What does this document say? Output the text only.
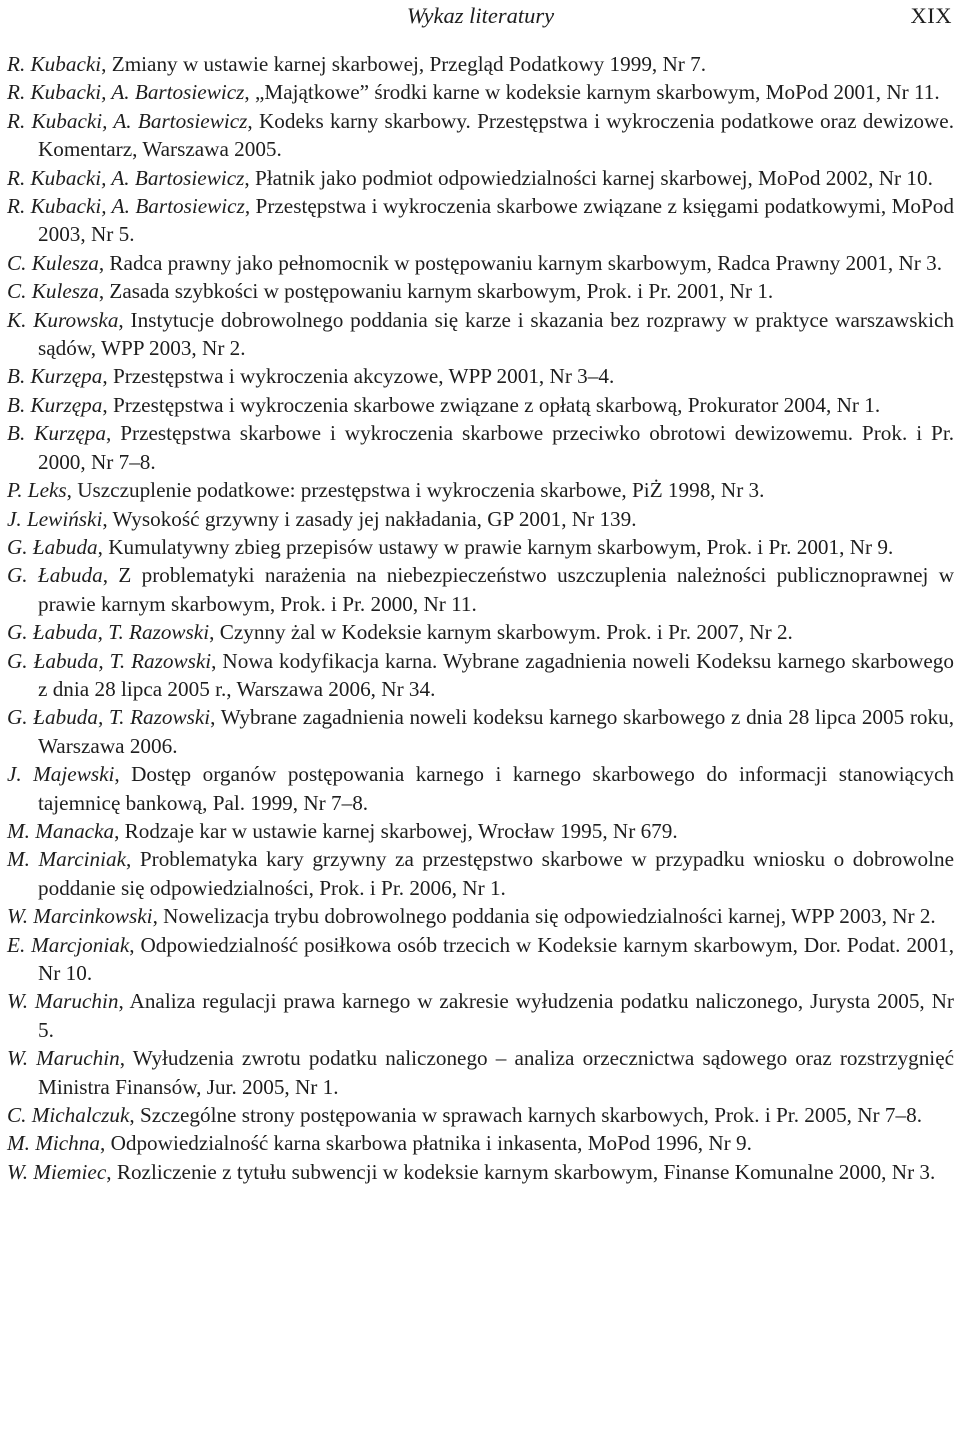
Wykaz literatury	XIX
R. Kubacki, Zmiany w ustawie karnej skarbowej, Przegląd Podatkowy 1999, Nr 7.
R. Kubacki, A. Bartosiewicz, „Majątkowe” środki karne w kodeksie karnym skarbowym, MoPod 2001, Nr 11.
R. Kubacki, A. Bartosiewicz, Kodeks karny skarbowy. Przestępstwa i wykroczenia podatkowe oraz dewizowe. Komentarz, Warszawa 2005.
R. Kubacki, A. Bartosiewicz, Płatnik jako podmiot odpowiedzialności karnej skarbowej, MoPod 2002, Nr 10.
R. Kubacki, A. Bartosiewicz, Przestępstwa i wykroczenia skarbowe związane z księgami podatkowymi, MoPod 2003, Nr 5.
C. Kulesza, Radca prawny jako pełnomocnik w postępowaniu karnym skarbowym, Radca Prawny 2001, Nr 3.
C. Kulesza, Zasada szybkości w postępowaniu karnym skarbowym, Prok. i Pr. 2001, Nr 1.
K. Kurowska, Instytucje dobrowolnego poddania się karze i skazania bez rozprawy w praktyce warszawskich sądów, WPP 2003, Nr 2.
B. Kurzępa, Przestępstwa i wykroczenia akcyzowe, WPP 2001, Nr 3–4.
B. Kurzępa, Przestępstwa i wykroczenia skarbowe związane z opłatą skarbową, Prokurator 2004, Nr 1.
B. Kurzępa, Przestępstwa skarbowe i wykroczenia skarbowe przeciwko obrotowi dewizowemu. Prok. i Pr. 2000, Nr 7–8.
P. Leks, Uszczuplenie podatkowe: przestępstwa i wykroczenia skarbowe, PiŻ 1998, Nr 3.
J. Lewiński, Wysokość grzywny i zasady jej nakładania, GP 2001, Nr 139.
G. Łabuda, Kumulatywny zbieg przepisów ustawy w prawie karnym skarbowym, Prok. i Pr. 2001, Nr 9.
G. Łabuda, Z problematyki narażenia na niebezpieczeństwo uszczuplenia należności publicznoprawnej w prawie karnym skarbowym, Prok. i Pr. 2000, Nr 11.
G. Łabuda, T. Razowski, Czynny żal w Kodeksie karnym skarbowym. Prok. i Pr. 2007, Nr 2.
G. Łabuda, T. Razowski, Nowa kodyfikacja karna. Wybrane zagadnienia noweli Kodeksu karnego skarbowego z dnia 28 lipca 2005 r., Warszawa 2006, Nr 34.
G. Łabuda, T. Razowski, Wybrane zagadnienia noweli kodeksu karnego skarbowego z dnia 28 lipca 2005 roku, Warszawa 2006.
J. Majewski, Dostęp organów postępowania karnego i karnego skarbowego do informacji stanowiących tajemnicę bankową, Pal. 1999, Nr 7–8.
M. Manacka, Rodzaje kar w ustawie karnej skarbowej, Wrocław 1995, Nr 679.
M. Marciniak, Problematyka kary grzywny za przestępstwo skarbowe w przypadku wniosku o dobrowolne poddanie się odpowiedzialności, Prok. i Pr. 2006, Nr 1.
W. Marcinkowski, Nowelizacja trybu dobrowolnego poddania się odpowiedzialności karnej, WPP 2003, Nr 2.
E. Marcjoniak, Odpowiedzialność posiłkowa osób trzecich w Kodeksie karnym skarbowym, Dor. Podat. 2001, Nr 10.
W. Maruchin, Analiza regulacji prawa karnego w zakresie wyłudzenia podatku naliczonego, Jurysta 2005, Nr 5.
W. Maruchin, Wyłudzenia zwrotu podatku naliczonego – analiza orzecznictwa sądowego oraz rozstrzygnięć Ministra Finansów, Jur. 2005, Nr 1.
C. Michalczuk, Szczególne strony postępowania w sprawach karnych skarbowych, Prok. i Pr. 2005, Nr 7–8.
M. Michna, Odpowiedzialność karna skarbowa płatnika i inkasenta, MoPod 1996, Nr 9.
W. Miemiec, Rozliczenie z tytułu subwencji w kodeksie karnym skarbowym, Finanse Komunalne 2000, Nr 3.
